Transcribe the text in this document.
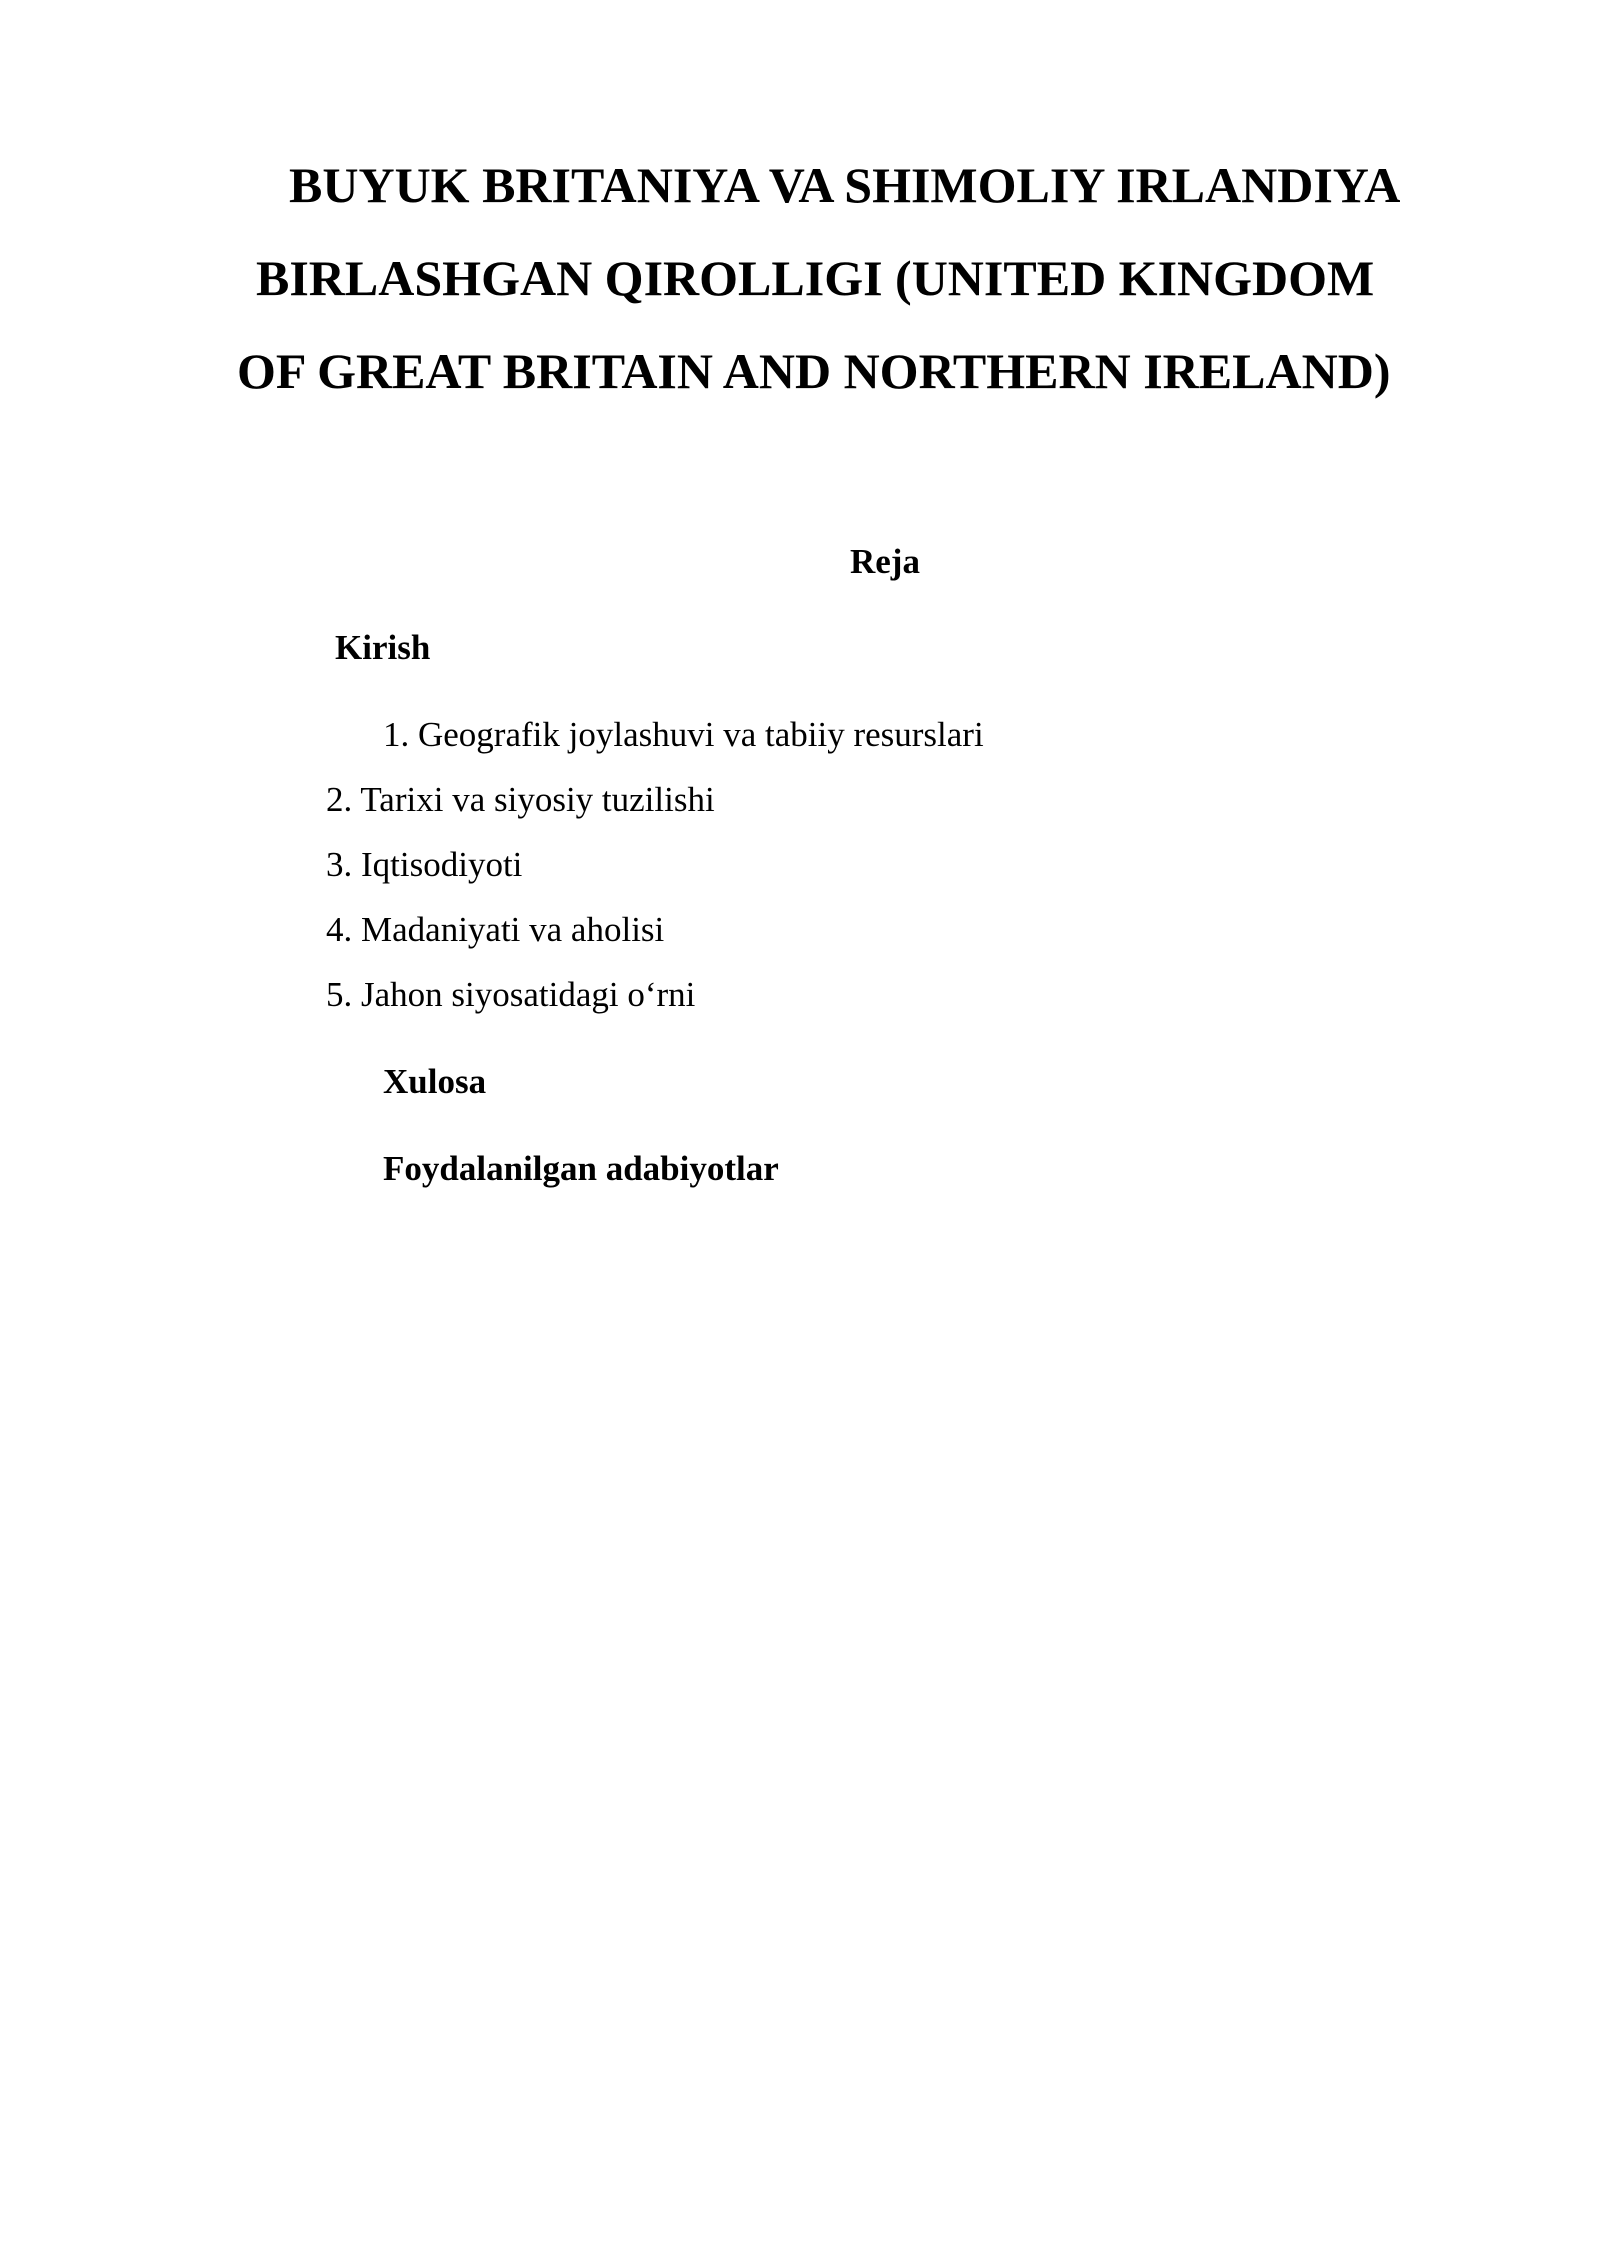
BUYUK BRITANIYA VA SHIMOLIY IRLANDIYA
BIRLASHGAN QIROLLIGI (UNITED KINGDOM
OF GREAT BRITAIN AND NORTHERN IRELAND)
Reja
Kirish
1. Geografik joylashuvi va tabiiy resurslari
2. Tarixi va siyosiy tuzilishi
3. Iqtisodiyoti
4. Madaniyati va aholisi
5. Jahon siyosatidagi o‘rni
Xulosa
Foydalanilgan adabiyotlar
